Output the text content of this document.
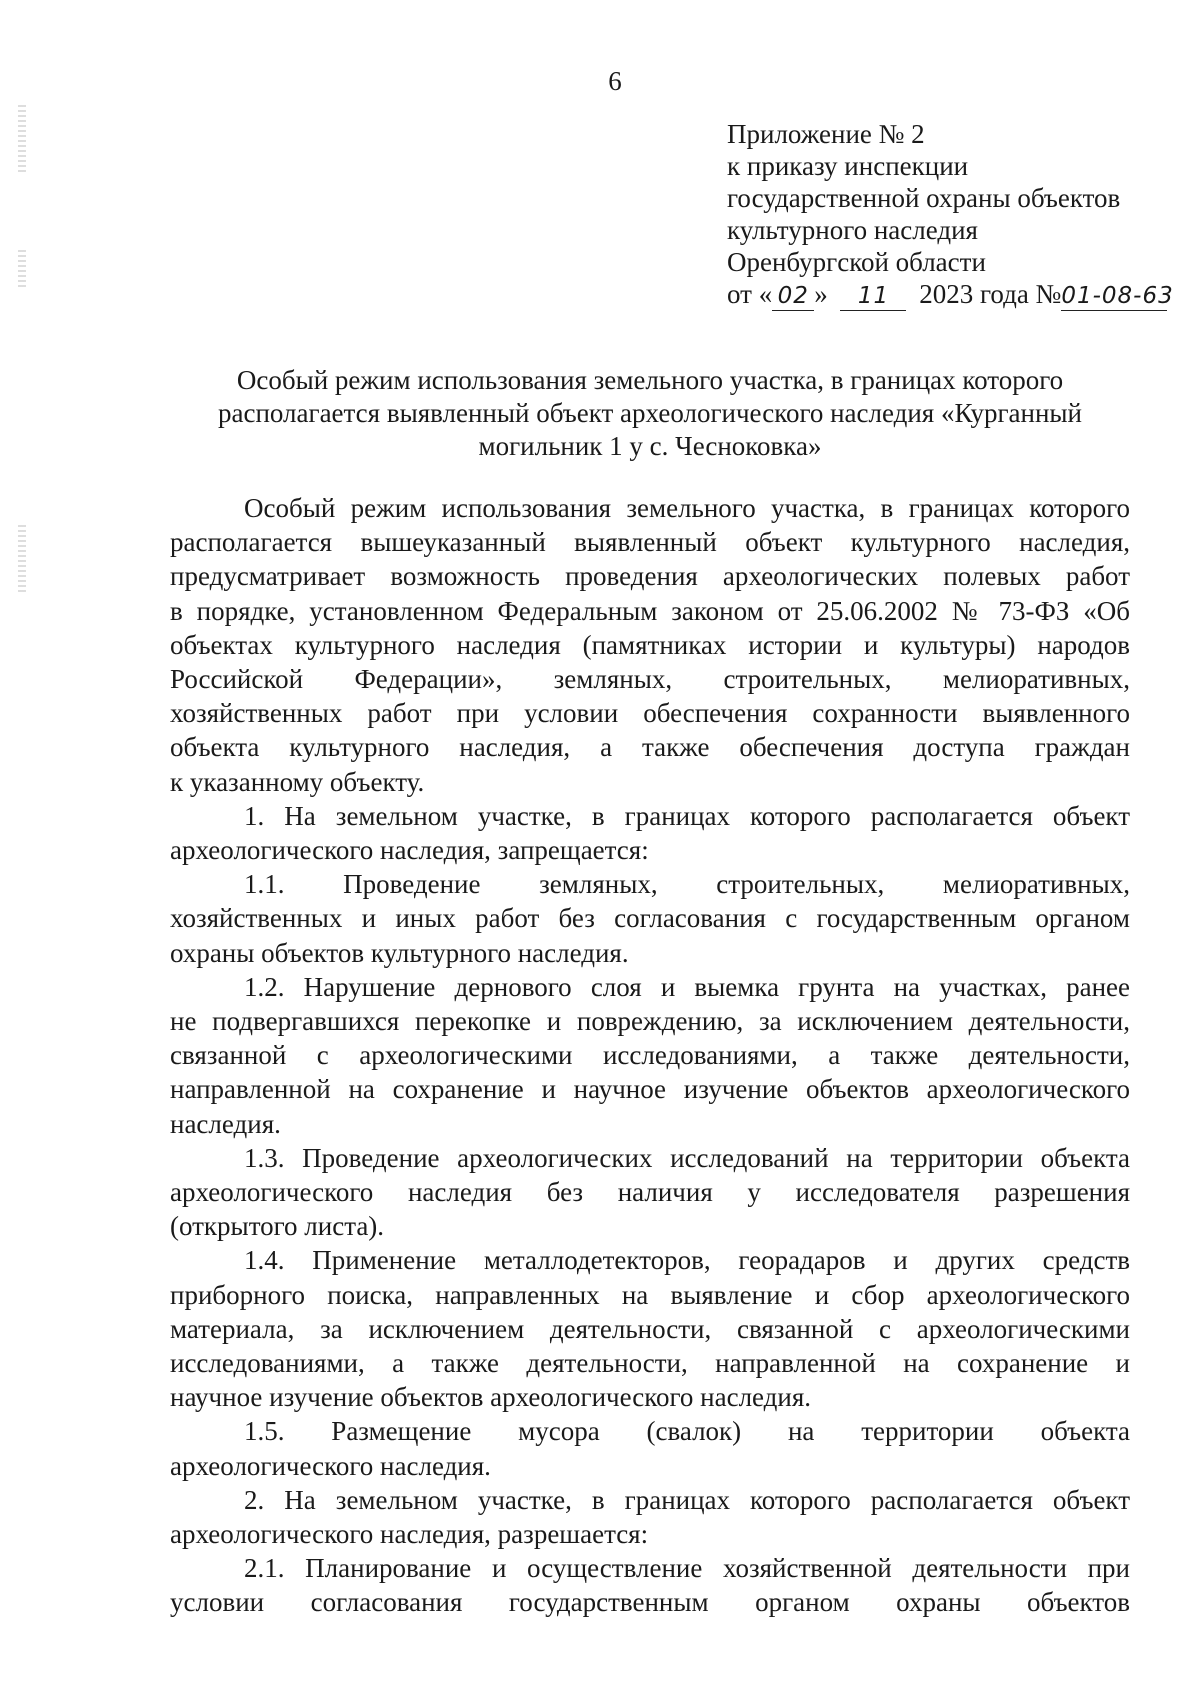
6
Приложение № 2
к приказу инспекции
государственной охраны объектов
культурного наследия
Оренбургской области
от « 02 » 11 2023 года №01-08-63
Особый режим использования земельного участка, в границах которого
располагается выявленный объект археологического наследия «Курганный
могильник 1 у с. Чесноковка»
Особый режим использования земельного участка, в границах которого
располагается вышеуказанный выявленный объект культурного наследия,
предусматривает возможность проведения археологических полевых работ
в порядке, установленном Федеральным законом от 25.06.2002 № 73-ФЗ «Об
объектах культурного наследия (памятниках истории и культуры) народов
Российской Федерации», земляных, строительных, мелиоративных,
хозяйственных работ при условии обеспечения сохранности выявленного
объекта культурного наследия, а также обеспечения доступа граждан
к указанному объекту.
1. На земельном участке, в границах которого располагается объект
археологического наследия, запрещается:
1.1. Проведение земляных, строительных, мелиоративных,
хозяйственных и иных работ без согласования с государственным органом
охраны объектов культурного наследия.
1.2. Нарушение дернового слоя и выемка грунта на участках, ранее
не подвергавшихся перекопке и повреждению, за исключением деятельности,
связанной с археологическими исследованиями, а также деятельности,
направленной на сохранение и научное изучение объектов археологического
наследия.
1.3. Проведение археологических исследований на территории объекта
археологического наследия без наличия у исследователя разрешения
(открытого листа).
1.4. Применение металлодетекторов, георадаров и других средств
приборного поиска, направленных на выявление и сбор археологического
материала, за исключением деятельности, связанной с археологическими
исследованиями, а также деятельности, направленной на сохранение и
научное изучение объектов археологического наследия.
1.5. Размещение мусора (свалок) на территории объекта
археологического наследия.
2. На земельном участке, в границах которого располагается объект
археологического наследия, разрешается:
2.1. Планирование и осуществление хозяйственной деятельности при
условии согласования государственным органом охраны объектов
